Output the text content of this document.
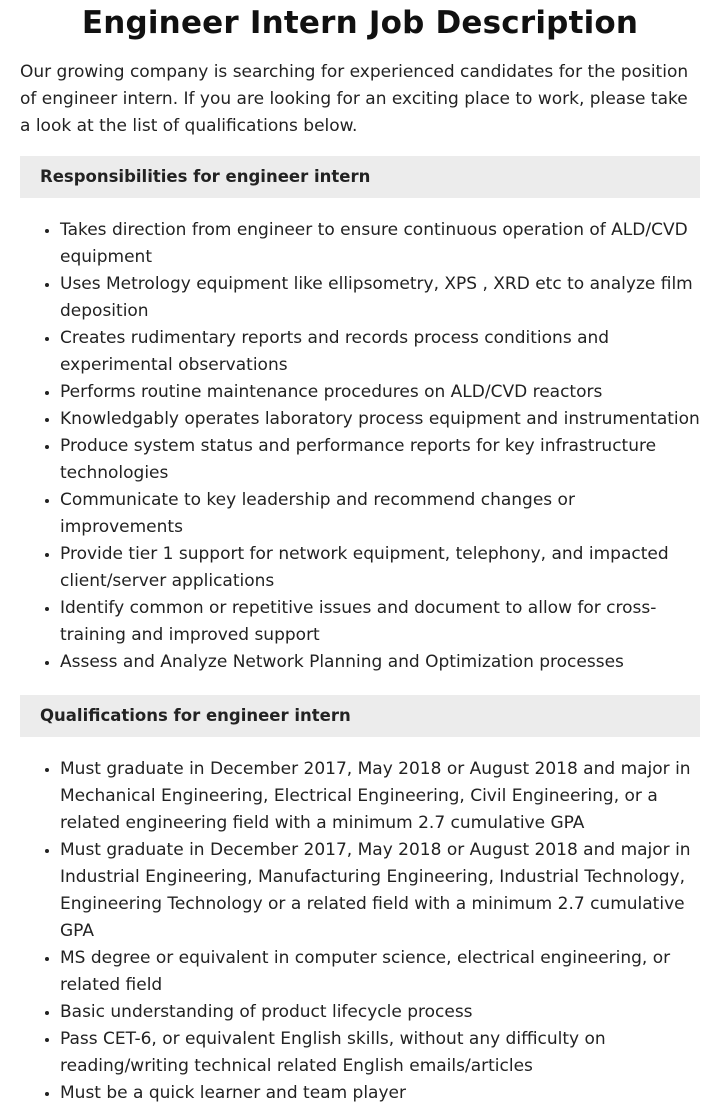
Engineer Intern Job Description

Our growing company is searching for experienced candidates for the position of engineer intern. If you are looking for an exciting place to work, please take a look at the list of qualifications below.

Responsibilities for engineer intern
• Takes direction from engineer to ensure continuous operation of ALD/CVD equipment
• Uses Metrology equipment like ellipsometry, XPS , XRD etc to analyze film deposition
• Creates rudimentary reports and records process conditions and experimental observations
• Performs routine maintenance procedures on ALD/CVD reactors
• Knowledgably operates laboratory process equipment and instrumentation
• Produce system status and performance reports for key infrastructure technologies
• Communicate to key leadership and recommend changes or improvements
• Provide tier 1 support for network equipment, telephony, and impacted client/server applications
• Identify common or repetitive issues and document to allow for cross-training and improved support
• Assess and Analyze Network Planning and Optimization processes
Qualifications for engineer intern
• Must graduate in December 2017, May 2018 or August 2018 and major in Mechanical Engineering, Electrical Engineering, Civil Engineering, or a related engineering field with a minimum 2.7 cumulative GPA
• Must graduate in December 2017, May 2018 or August 2018 and major in Industrial Engineering, Manufacturing Engineering, Industrial Technology, Engineering Technology or a related field with a minimum 2.7 cumulative GPA
• MS degree or equivalent in computer science, electrical engineering, or related field
• Basic understanding of product lifecycle process
• Pass CET-6, or equivalent English skills, without any difficulty on reading/writing technical related English emails/articles
• Must be a quick learner and team player
